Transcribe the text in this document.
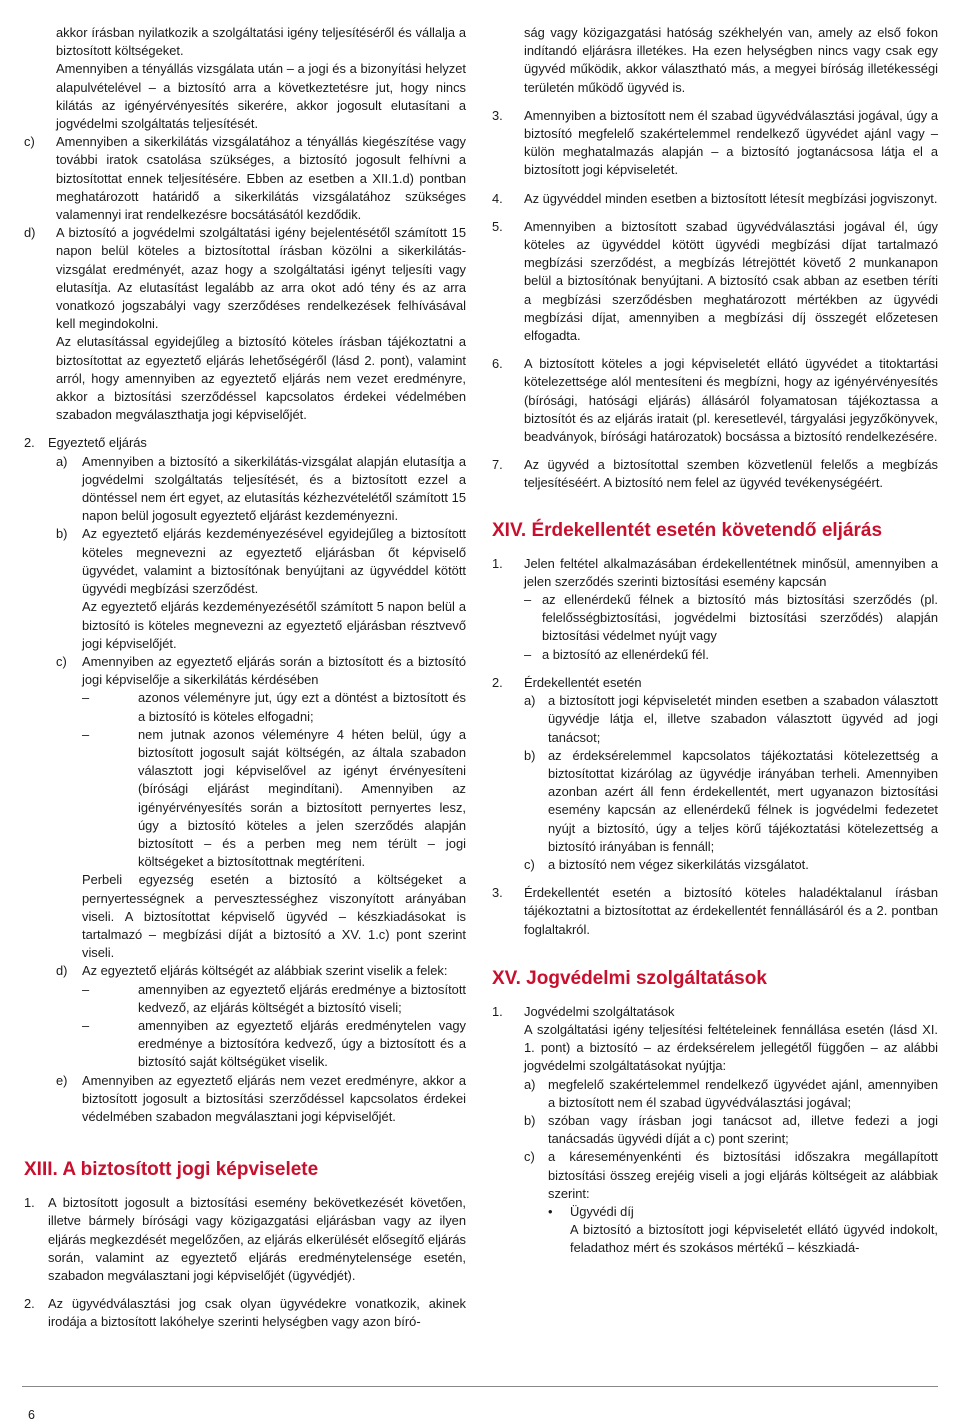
akkor írásban nyilatkozik a szolgáltatási igény teljesítéséről és vállalja a biztosított költségeket.

Amennyiben a tényállás vizsgálata után – a jogi és a bizonyítási helyzet alapulvételével – a biztosító arra a következtetésre jut, hogy nincs kilátás az igényérvényesítés sikerére, akkor jogosult elutasítani a jogvédelmi szolgáltatás teljesítését.

c)	Amennyiben a sikerkilátás vizsgálatához a tényállás kiegészítése vagy további iratok csatolása szükséges, a biztosító jogosult felhívni a biztosítottat ennek teljesítésére. Ebben az esetben a XII.1.d) pontban meghatározott határidő a sikerkilátás vizsgálatához szükséges valamennyi irat rendelkezésre bocsátásától kezdődik.
d)	A biztosító a jogvédelmi szolgáltatási igény bejelentésétől számított 15 napon belül köteles a biztosítottal írásban közölni a sikerkilátás-vizsgálat eredményét, azaz hogy a szolgáltatási igényt teljesíti vagy elutasítja. Az elutasítást legalább az arra okot adó tény és az arra vonatkozó jogszabályi vagy szerződéses rendelkezések felhívásával kell megindokolni.

Az elutasítással egyidejűleg a biztosító köteles írásban tájékoztatni a biztosítottat az egyeztető eljárás lehetőségéről (lásd 2. pont), valamint arról, hogy amennyiben az egyeztető eljárás nem vezet eredményre, akkor a biztosítási szerződéssel kapcsolatos érdekei védelmében szabadon megválaszthatja jogi képviselőjét.

2.	Egyeztető eljárás
a)	Amennyiben a biztosító a sikerkilátás-vizsgálat alapján elutasítja a jogvédelmi szolgáltatás teljesítését, és a biztosított ezzel a döntéssel nem ért egyet, az elutasítás kézhezvételétől számított 15 napon belül jogosult egyeztető eljárást kezdeményezni.
b)	Az egyeztető eljárás kezdeményezésével egyidejűleg a biztosított köteles megnevezni az egyeztető eljárásban őt képviselő ügyvédet, valamint a biztosítónak benyújtani az ügyvéddel kötött ügyvédi megbízási szerződést.

Az egyeztető eljárás kezdeményezésétől számított 5 napon belül a biztosító is köteles megnevezni az egyeztető eljárásban résztvevő jogi képviselőjét.

c)	Amennyiben az egyeztető eljárás során a biztosított és a biztosító jogi képviselője a sikerkilátás kérdésében

–	azonos véleményre jut, úgy ezt a döntést a biztosított és a biztosító is köteles elfogadni;
–	nem jutnak azonos véleményre 4 héten belül, úgy a biztosított jogosult saját költségén, az általa szabadon választott jogi képviselővel az igényt érvényesíteni (bírósági eljárást megindítani). Amennyiben az igényérvényesítés során a biztosított pernyertes lesz, úgy a biztosító köteles a jelen szerződés alapján biztosított – és a perben meg nem térült – jogi költségeket a biztosítottnak megtéríteni.

Perbeli egyezség esetén a biztosító a költségeket a pernyertességnek a pervesztességhez viszonyított arányában viseli. A biztosítottat képviselő ügyvéd – készkiadásokat is tartalmazó – megbízási díját a biztosító a XV. 1.c) pont szerint viseli.

d)	Az egyeztető eljárás költségét az alábbiak szerint viselik a felek:

–	amennyiben az egyeztető eljárás eredménye a biztosított kedvező, az eljárás költségét a biztosító viseli;
–	amennyiben az egyeztető eljárás eredménytelen vagy eredménye a biztosítóra kedvező, úgy a biztosított és a biztosító saját költségüket viselik.
e)	Amennyiben az egyeztető eljárás nem vezet eredményre, akkor a biztosított jogosult a biztosítási szerződéssel kapcsolatos érdekei védelmében szabadon megválasztani jogi képviselőjét.
XIII. A biztosított jogi képviselete
1.	A biztosított jogosult a biztosítási esemény bekövetkezését követően, illetve bármely bírósági vagy közigazgatási eljárásban vagy az ilyen eljárás megkezdését megelőzően, az eljárás elkerülését elősegítő eljárás során, valamint az egyeztető eljárás eredménytelensége esetén, szabadon megválasztani jogi képviselőjét (ügyvédjét).
2.	Az ügyvédválasztási jog csak olyan ügyvédekre vonatkozik, akinek irodája a biztosított lakóhelye szerinti helységben vagy azon bíró-

ság vagy közigazgatási hatóság székhelyén van, amely az első fokon indítandó eljárásra illetékes. Ha ezen helységben nincs vagy csak egy ügyvéd működik, akkor választható más, a megyei bíróság illetékességi területén működő ügyvéd is.

3.	Amennyiben a biztosított nem él szabad ügyvédválasztási jogával, úgy a biztosító megfelelő szakértelemmel rendelkező ügyvédet ajánl vagy – külön meghatalmazás alapján – a biztosító jogtanácsosa látja el a biztosított jogi képviseletét.
4.	Az ügyvéddel minden esetben a biztosított létesít megbízási jogviszonyt.
5.	Amennyiben a biztosított szabad ügyvédválasztási jogával él, úgy köteles az ügyvéddel kötött ügyvédi megbízási díjat tartalmazó megbízási szerződést, a megbízás létrejöttét követő 2 munkanapon belül a biztosítónak benyújtani. A biztosító csak abban az esetben téríti a megbízási szerződésben meghatározott mértékben az ügyvédi megbízási díjat, amennyiben a megbízási díj összegét előzetesen elfogadta.
6.	A biztosított köteles a jogi képviseletét ellátó ügyvédet a titoktartási kötelezettsége alól mentesíteni és megbízni, hogy az igényérvényesítés (bírósági, hatósági eljárás) állásáról folyamatosan tájékoztassa a biztosítót és az eljárás iratait (pl. keresetlevél, tárgyalási jegyzőkönyvek, beadványok, bírósági határozatok) bocsássa a biztosító rendelkezésére.
7.	Az ügyvéd a biztosítottal szemben közvetlenül felelős a megbízás teljesítéséért. A biztosító nem felel az ügyvéd tevékenységéért.
XIV. Érdekellentét esetén követendő eljárás
1.	Jelen feltétel alkalmazásában érdekellentétnek minősül, amennyiben a jelen szerződés szerinti biztosítási esemény kapcsán

– az ellenérdekű félnek a biztosító más biztosítási szerződés (pl. felelősségbiztosítási, jogvédelmi biztosítási szerződés) alapján biztosítási védelmet nyújt vagy
– a biztosító az ellenérdekű fél.
2.	Érdekellentét esetén

a) a biztosított jogi képviseletét minden esetben a szabadon választott ügyvédje látja el, illetve szabadon választott ügyvéd ad jogi tanácsot;
b) az érdeksérelemmel kapcsolatos tájékoztatási kötelezettség a biztosítottat kizárólag az ügyvédje irányában terheli. Amennyiben azonban azért áll fenn érdekellentét, mert ugyanazon biztosítási esemény kapcsán az ellenérdekű félnek is jogvédelmi fedezetet nyújt a biztosító, úgy a teljes körű tájékoztatási kötelezettség a biztosító irányában is fennáll;
c)	a biztosító nem végez sikerkilátás vizsgálatot.
3.	Érdekellentét esetén a biztosító köteles haladéktalanul írásban tájékoztatni a biztosítottat az érdekellentét fennállásáról és a 2. pontban foglaltakról.
XV. Jogvédelmi szolgáltatások
1.	Jogvédelmi szolgáltatások

A szolgáltatási igény teljesítési feltételeinek fennállása esetén (lásd XI. 1. pont) a biztosító – az érdeksérelem jellegétől függően – az alábbi jogvédelmi szolgáltatásokat nyújtja:

a) megfelelő szakértelemmel rendelkező ügyvédet ajánl, amennyiben a biztosított nem él szabad ügyvédválasztási jogával;
b) szóban vagy írásban jogi tanácsot ad, illetve fedezi a jogi tanácsadás ügyvédi díját a c) pont szerint;
c)	a káreseményenkénti és biztosítási időszakra megállapított biztosítási összeg erejéig viseli a jogi eljárás költségeit az alábbiak szerint:

•	Ügyvédi díj

A biztosító a biztosított jogi képviseletét ellátó ügyvéd indokolt, feladathoz mért és szokásos mértékű – készkiadá-

6
